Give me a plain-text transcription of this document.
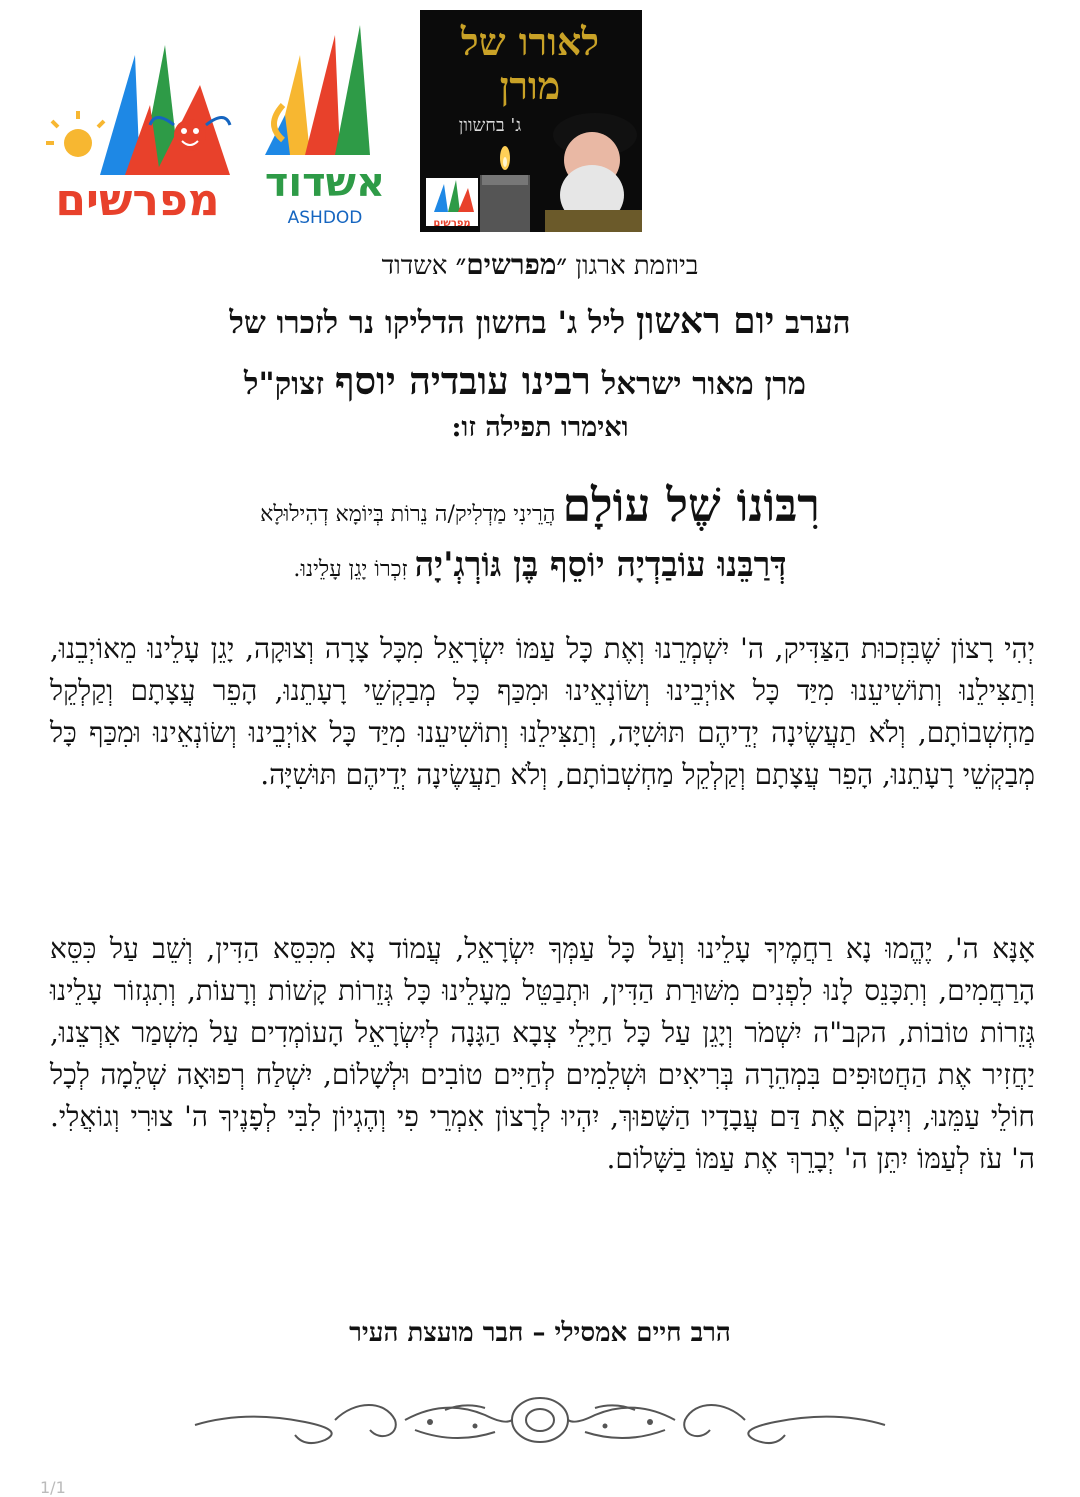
מפרשים	אשדוד
ASHDOD
לאורו של מורן
ג' בחשוון
מפרשים
ביוזמת ארגון ״מפרשים״ אשדוד
הערב יום ראשון ליל ג' בחשון הדליקו נר לזכרו של
מרן מאור ישראל רבינו עובדיה יוסף זצוק"ל
ואימרו תפילה זו:
רִבּוֹנוֹ שֶׁל עוֹלָם הֲרֵינִי מַדְלִיק/ה נֵרוֹת בְּיוֹמָא דְהִילוּלָא
דְּרַבֵּנוּ עוֹבַדְיָה יוֹסֵף בֶּן גּוֹרְגְ'יָה זִכְרוֹ יָגֵן עָלֵינוּ.

יְהִי רָצוֹן שֶׁבִּזְכוּת הַצַּדִּיק, ה' יִשְׁמְרֵנוּ וְאֶת כָּל עַמּוֹ יִשְׂרָאֵל מִכָּל צָרָה וְצוּקָה, יָגֵן עָלֵינוּ מֵאוֹיְבֵנוּ, וְתַצִּילֵנוּ וְתוֹשִׁיעֵנוּ מִיַּד כָּל אוֹיְבֵינוּ וְשׂוֹנְאֵינוּ וּמִכַּף כָּל מְבַקְשֵׁי רָעָתֵנוּ, הָפֵר עֲצָתָם וְקַלְקֵל מַחְשְׁבוֹתָם, וְלֹא תַעֲשֶׂינָה יְדֵיהֶם תּוּשִׁיָּה, וְתַצִּילֵנוּ וְתוֹשִׁיעֵנוּ מִיַּד כָּל אוֹיְבֵינוּ וְשׂוֹנְאֵינוּ וּמִכַּף כָּל מְבַקְשֵׁי רָעָתֵנוּ, הָפֵר עֲצָתָם וְקַלְקֵל מַחְשְׁבוֹתָם, וְלֹא תַעֲשֶׂינָה יְדֵיהֶם תּוּשִׁיָּה.

אָנָּא ה', יֶהֱמוּ נָא רַחֲמֶיךָ עָלֵינוּ וְעַל כָּל עַמְּךָ יִשְׂרָאֵל, עֲמוֹד נָא מִכִּסֵּא הַדִּין, וְשֵׁב עַל כִּסֵּא הָרַחֲמִים, וְתִכָּנֵס לָנוּ לִפְנִים מִשּׁוּרַת הַדִּין, וּתְבַטֵּל מֵעָלֵינוּ כָּל גְּזֵרוֹת קָשׁוֹת וְרָעוֹת, וְתִגְזוֹר עָלֵינוּ גְּזֵרוֹת טוֹבוֹת, הקב"ה יִשְׁמֹר וְיָגֵן עַל כָּל חַיָּלֵי צְבָא הַגָּנָה לְיִשְׂרָאֵל הָעוֹמְדִים עַל מִשְׁמַר אַרְצֵנוּ, יַחֲזִיר אֶת הַחֲטוּפִים בִּמְהֵרָה בְּרִיאִים וּשְׁלֵמִים לְחַיִּים טוֹבִים וּלְשָׁלוֹם, יִשְׁלַח רְפוּאָה שְׁלֵמָה לְכָל חוֹלֵי עַמֵּנוּ, וְיִנְקֹם אֶת דַּם עֲבָדָיו הַשָּׁפוּךְ, יִהְיוּ לְרָצוֹן אִמְרֵי פִי וְהֶגְיוֹן לִבִּי לְפָנֶיךָ ה' צוּרִי וְגוֹאֲלִי. ה' עֹז לְעַמּוֹ יִתֵּן ה' יְבָרֵךְ אֶת עַמּוֹ בַשָּׁלוֹם.

הרב חיים אמסילי – חבר מועצת העיר
1/1
